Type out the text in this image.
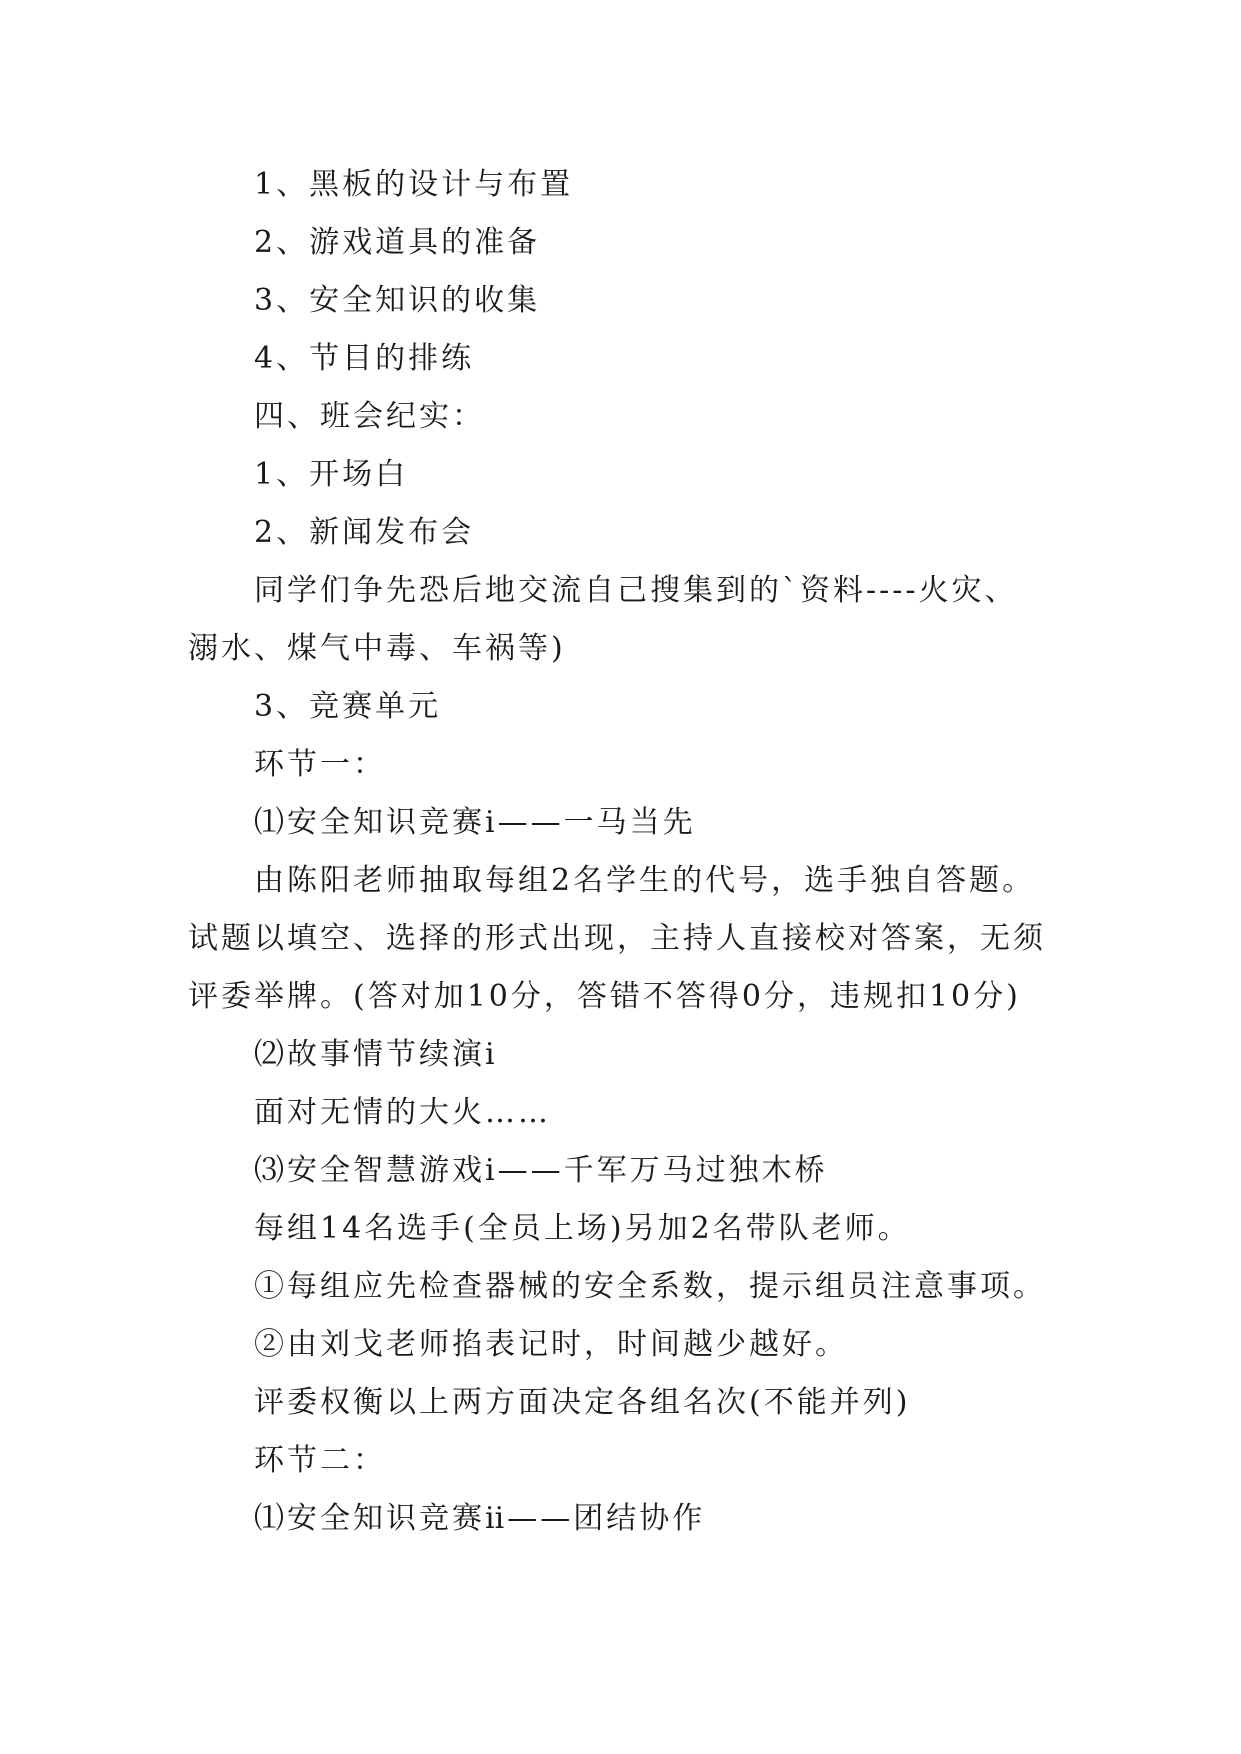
1、黑板的设计与布置
2、游戏道具的准备
3、安全知识的收集
4、节目的排练
四、班会纪实：
1、开场白
2、新闻发布会
同学们争先恐后地交流自己搜集到的`资料----火灾、
溺水、煤气中毒、车祸等)
3、竞赛单元
环节一：
⑴安全知识竞赛ⅰ——一马当先
由陈阳老师抽取每组2名学生的代号，选手独自答题。
试题以填空、选择的形式出现，主持人直接校对答案，无须
评委举牌。(答对加10分，答错不答得0分，违规扣10分)
⑵故事情节续演ⅰ
面对无情的大火……
⑶安全智慧游戏ⅰ——千军万马过独木桥
每组14名选手(全员上场)另加2名带队老师。
①每组应先检查器械的安全系数，提示组员注意事项。
②由刘戈老师掐表记时，时间越少越好。
评委权衡以上两方面决定各组名次(不能并列)
环节二：
⑴安全知识竞赛ⅱ——团结协作
